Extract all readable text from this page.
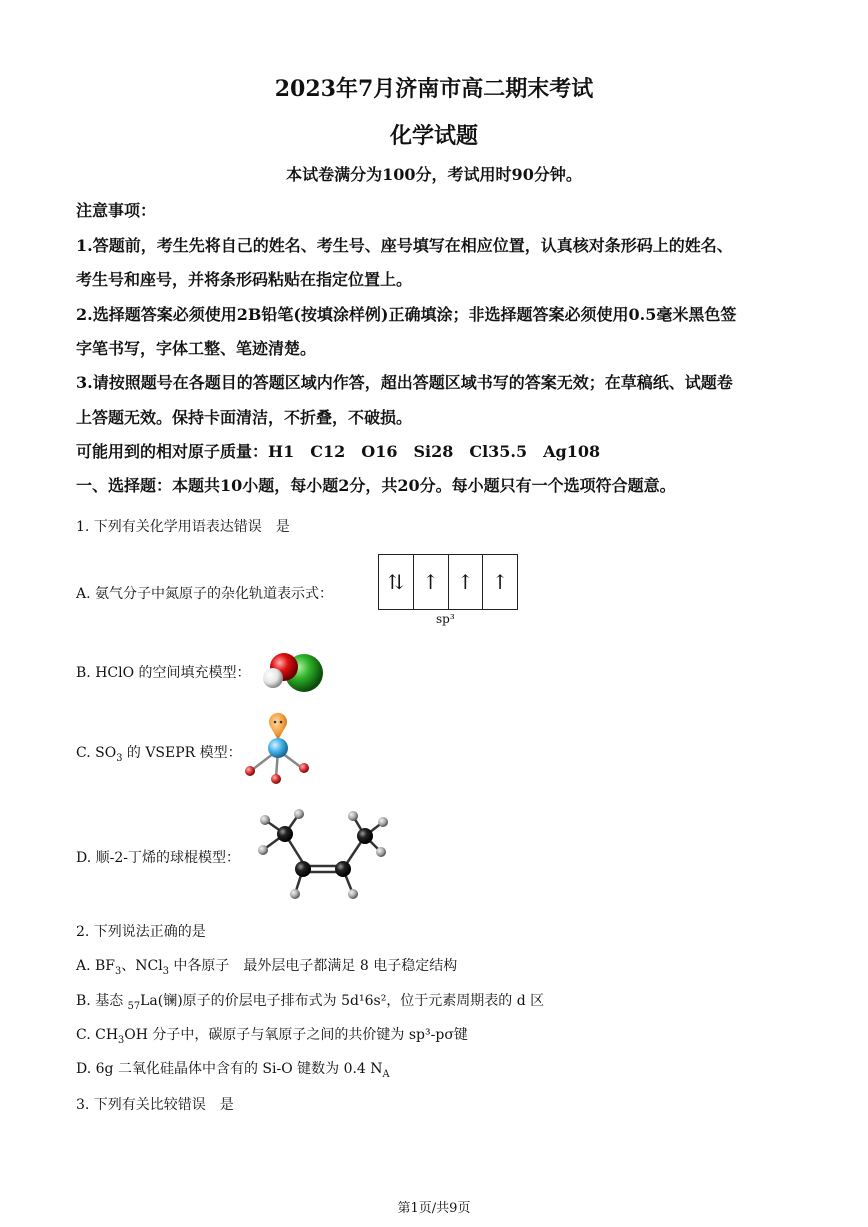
2023年7月济南市高二期末考试
化学试题
本试卷满分为100分，考试用时90分钟。
注意事项：
1.答题前，考生先将自己的姓名、考生号、座号填写在相应位置，认真核对条形码上的姓名、
考生号和座号，并将条形码粘贴在指定位置上。
2.选择题答案必须使用2B铅笔(按填涂样例)正确填涂；非选择题答案必须使用0.5毫米黑色签
字笔书写，字体工整、笔迹清楚。
3.请按照题号在各题目的答题区域内作答，超出答题区域书写的答案无效；在草稿纸、试题卷
上答题无效。保持卡面清洁，不折叠，不破损。
可能用到的相对原子质量：H1　C12　O16　Si28　Cl35.5　Ag108
一、选择题：本题共10小题，每小题2分，共20分。每小题只有一个选项符合题意。
1. 下列有关化学用语表达错误　是
A. 氨气分子中氮原子的杂化轨道表示式：	⇅ ↑ ↑ ↑
sp³
B. HClO 的空间填充模型：
C. $SO_3$ 的 VSEPR 模型：
D. 顺-2-丁烯的球棍模型：
2. 下列说法正确的是
A. $BF_3$、NCl$_3$ 中各原子　最外层电子都满足 8 电子稳定结构
B. 基态 $_{57}$La(镧)原子的价层电子排布式为 5d¹6s²，位于元素周期表的 d 区
C. $CH_3OH$ 分子中，碳原子与氧原子之间的共价键为 sp³-pσ键
D. 6g 二氧化硅晶体中含有的 Si-O 键数为 0.4 $N_A$
3. 下列有关比较错误　是
第1页/共9页
